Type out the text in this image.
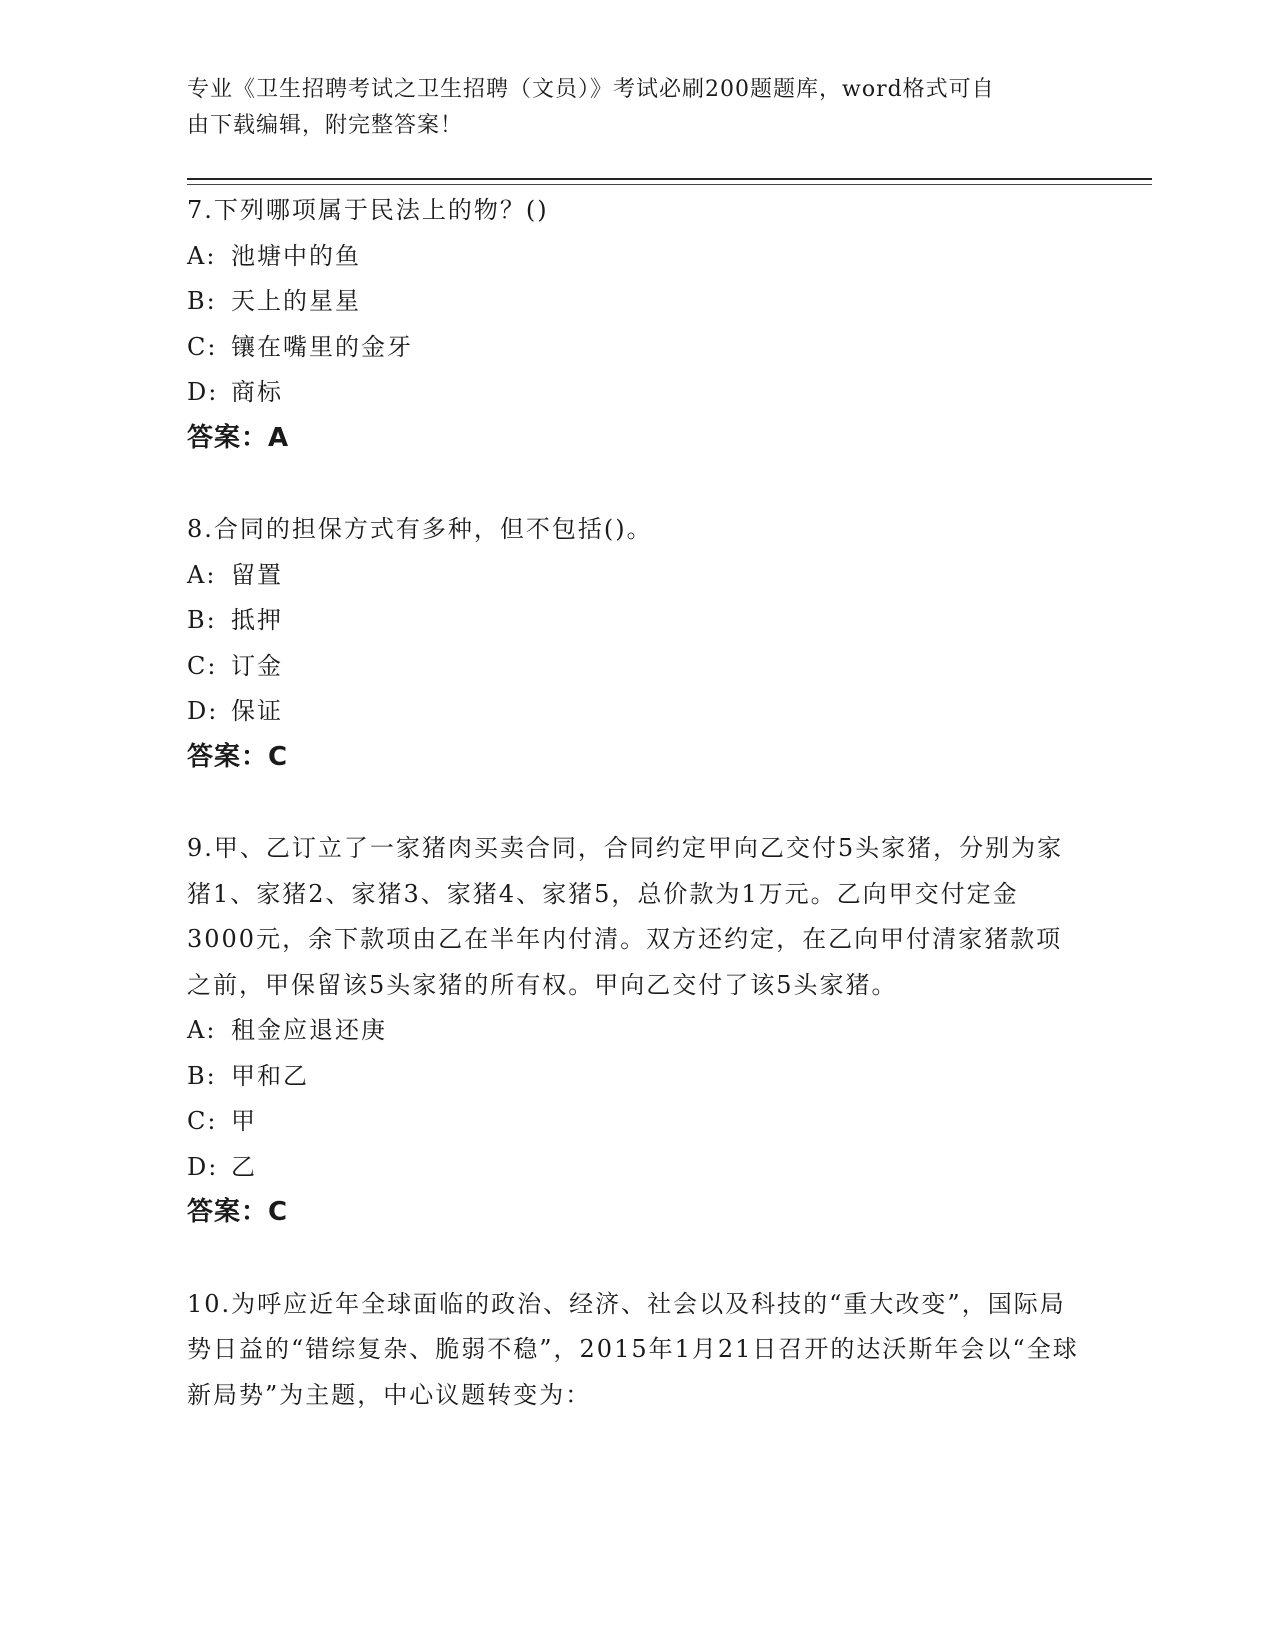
专业《卫生招聘考试之卫生招聘（文员）》考试必刷200题题库，word格式可自
由下载编辑，附完整答案！

7.下列哪项属于民法上的物？()

A: 池塘中的鱼

B: 天上的星星

C: 镶在嘴里的金牙

D: 商标

答案：A

8.合同的担保方式有多种，但不包括()。

A: 留置

B: 抵押

C: 订金

D: 保证

答案：C

9.甲、乙订立了一家猪肉买卖合同，合同约定甲向乙交付5头家猪，分别为家猪1、家猪2、家猪3、家猪4、家猪5，总价款为1万元。乙向甲交付定金3000元，余下款项由乙在半年内付清。双方还约定，在乙向甲付清家猪款项之前，甲保留该5头家猪的所有权。甲向乙交付了该5头家猪。

A: 租金应退还庚

B: 甲和乙

C: 甲

D: 乙

答案：C

10.为呼应近年全球面临的政治、经济、社会以及科技的“重大改变”，国际局势日益的“错综复杂、脆弱不稳”，2015年1月21日召开的达沃斯年会以“全球新局势”为主题，中心议题转变为：
